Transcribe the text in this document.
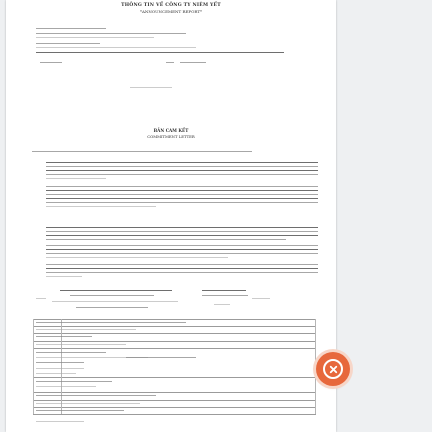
THÔNG TIN VỀ CÔNG TY NIÊM YẾT
*ANNOUNCEMENT REPORT*
BẢN CAM KẾT
COMMITMENT LETTER
